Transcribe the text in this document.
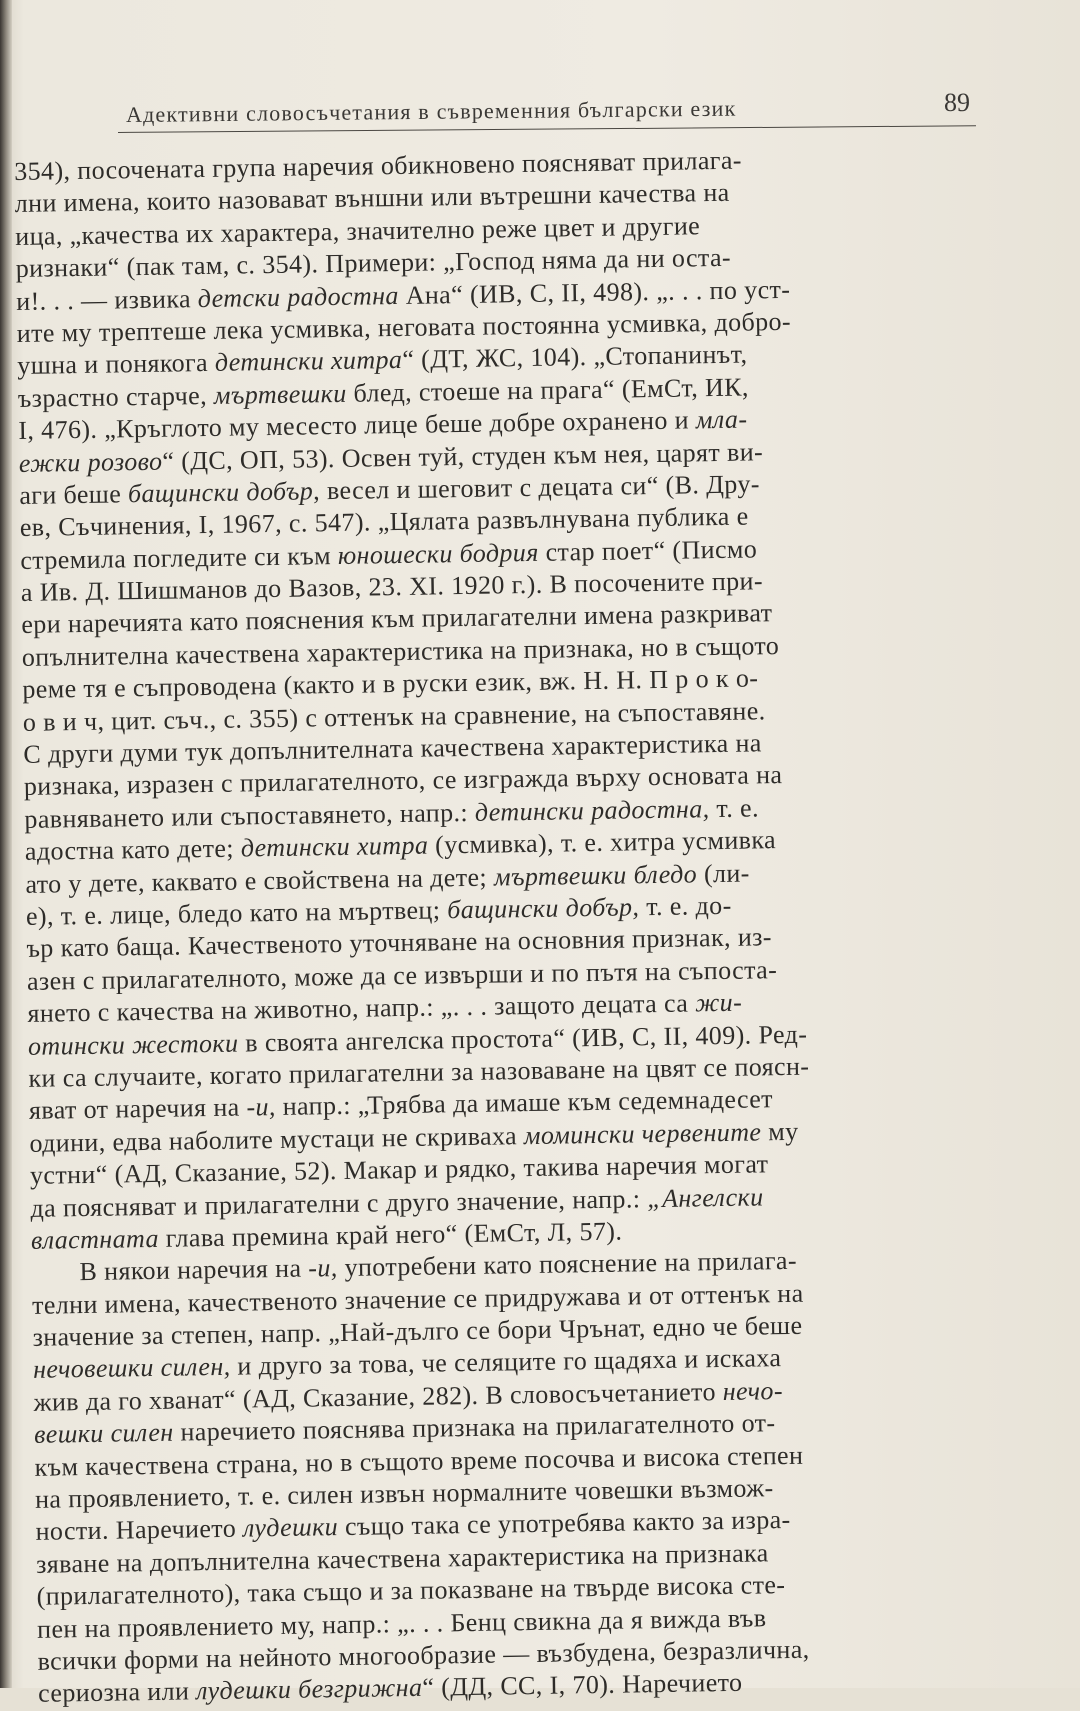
Адективни словосъчетания в съвременния български език	89
354), посочената група наречия обикновено поясняват прилага-
лни имена, които назовават външни или вътрешни качества на
ица, „качества их характера, значително реже цвет и другие
ризнаки“ (пак там, с. 354). Примери: „Господ няма да ни оста-
и!. . . — извика детски радостна Ана“ (ИВ, С, II, 498). „. . . по уст-
ите му трептеше лека усмивка, неговата постоянна усмивка, добро-
ушна и понякога детински хитра“ (ДТ, ЖС, 104). „Стопанинът,
ъзрастно старче, мъртвешки блед, стоеше на прага“ (ЕмСт, ИК,
I, 476). „Кръглото му месесто лице беше добре охранено и мла-
ежки розово“ (ДС, ОП, 53). Освен туй, студен към нея, царят ви-
аги беше бащински добър, весел и шеговит с децата си“ (В. Дру-
ев, Съчинения, I, 1967, с. 547). „Цялата развълнувана публика е
стремила погледите си към юношески бодрия стар поет“ (Писмо
а Ив. Д. Шишманов до Вазов, 23. XI. 1920 г.). В посочените при-
ери наречията като пояснения към прилагателни имена разкриват
опълнителна качествена характеристика на признака, но в същото
реме тя е съпроводена (както и в руски език, вж. Н. Н. П р о к о-
о в и ч, цит. съч., с. 355) с оттенък на сравнение, на съпоставяне.
С други думи тук допълнителната качествена характеристика на
ризнака, изразен с прилагателното, се изгражда върху основата на
равняването или съпоставянето, напр.: детински радостна, т. е.
адостна като дете; детински хитра (усмивка), т. е. хитра усмивка
ато у дете, каквато е свойствена на дете; мъртвешки бледо (ли-
е), т. е. лице, бледо като на мъртвец; бащински добър, т. е. до-
ър като баща. Качественото уточняване на основния признак, из-
азен с прилагателното, може да се извърши и по пътя на съпоста-
янето с качества на животно, напр.: „. . . защото децата са жи-
отински жестоки в своята ангелска простота“ (ИВ, С, II, 409). Ред-
ки са случаите, когато прилагателни за назоваване на цвят се поясн-
яват от наречия на -и, напр.: „Трябва да имаше към седемнадесет
одини, едва наболите мустаци не скриваха момински червените му
устни“ (АД, Сказание, 52). Макар и рядко, такива наречия могат
да поясняват и прилагателни с друго значение, напр.: „Ангелски
властната глава премина край него“ (ЕмСт, Л, 57).
В някои наречия на -и, употребени като пояснение на прилага-
телни имена, качественото значение се придружава и от оттенък на
значение за степен, напр. „Най-дълго се бори Чрънат, едно че беше
нечовешки силен, и друго за това, че селяците го щадяха и искаха
жив да го хванат“ (АД, Сказание, 282). В словосъчетанието нечо-
вешки силен наречието пояснява признака на прилагателното от-
към качествена страна, но в същото време посочва и висока степен
на проявлението, т. е. силен извън нормалните човешки възмож-
ности. Наречието лудешки също така се употребява както за изра-
зяване на допълнителна качествена характеристика на признака
(прилагателното), така също и за показване на твърде висока сте-
пен на проявлението му, напр.: „. . . Бенц свикна да я вижда във
всички форми на нейното многообразие — възбудена, безразлична,
сериозна или лудешки безгрижна“ (ДД, СС, I, 70). Наречието
